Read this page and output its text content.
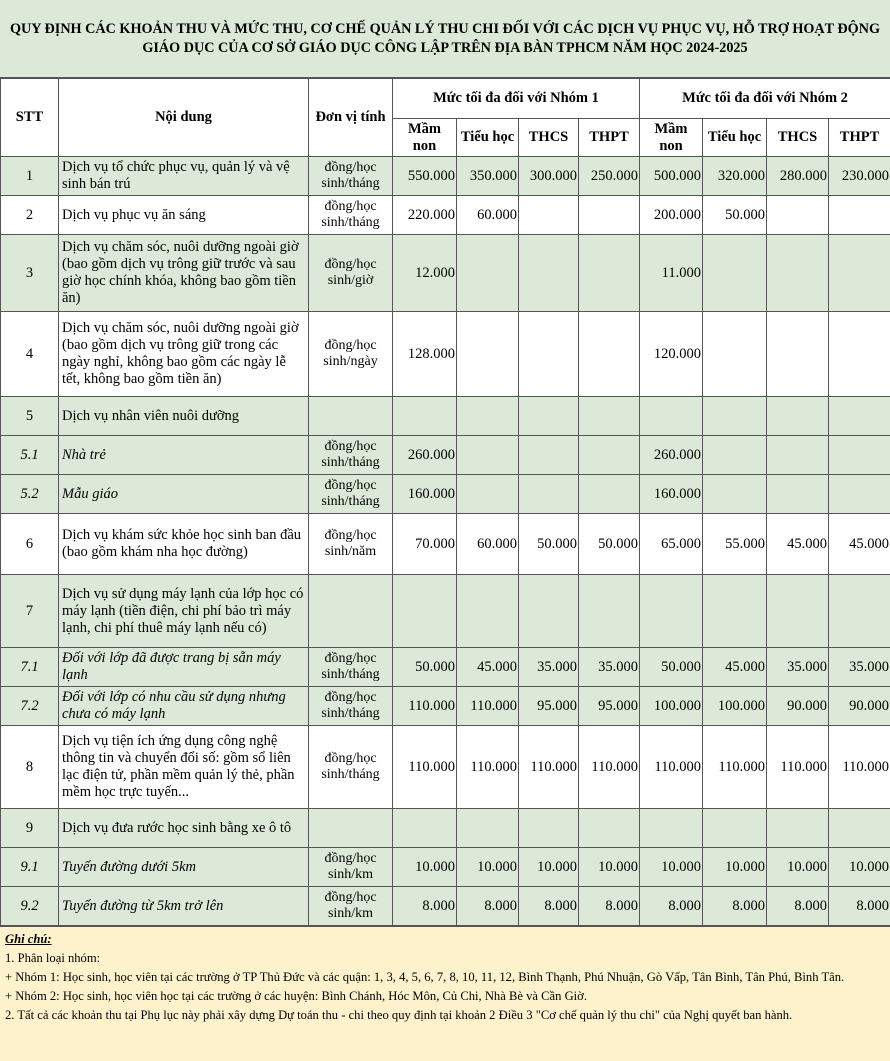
QUY ĐỊNH CÁC KHOẢN THU VÀ MỨC THU, CƠ CHẾ QUẢN LÝ THU CHI ĐỐI VỚI CÁC DỊCH VỤ PHỤC VỤ, HỖ TRỢ HOẠT ĐỘNG GIÁO DỤC CỦA CƠ SỞ GIÁO DỤC CÔNG LẬP TRÊN ĐỊA BÀN TPHCM NĂM HỌC 2024-2025
STT	Nội dung	Đơn vị tính	Mức tối đa đối với Nhóm 1				Mức tối đa đối với Nhóm 2			
			Mầm non	Tiểu học	THCS	THPT	Mầm non	Tiểu học	THCS	THPT
1	Dịch vụ tổ chức phục vụ, quản lý và vệ sinh bán trú	đồng/học sinh/tháng	550.000	350.000	300.000	250.000	500.000	320.000	280.000	230.000
2	Dịch vụ phục vụ ăn sáng	đồng/học sinh/tháng	220.000	60.000			200.000	50.000		
3	Dịch vụ chăm sóc, nuôi dưỡng ngoài giờ (bao gồm dịch vụ trông giữ trước và sau giờ học chính khóa, không bao gồm tiền ăn)	đồng/học sinh/giờ	12.000				11.000			
4	Dịch vụ chăm sóc, nuôi dưỡng ngoài giờ (bao gồm dịch vụ trông giữ trong các ngày nghỉ, không bao gồm các ngày lễ tết, không bao gồm tiền ăn)	đồng/học sinh/ngày	128.000				120.000			
5	Dịch vụ nhân viên nuôi dưỡng									
5.1	Nhà trẻ	đồng/học sinh/tháng	260.000				260.000			
5.2	Mẫu giáo	đồng/học sinh/tháng	160.000				160.000			
6	Dịch vụ khám sức khỏe học sinh ban đầu (bao gồm khám nha học đường)	đồng/học sinh/năm	70.000	60.000	50.000	50.000	65.000	55.000	45.000	45.000
7	Dịch vụ sử dụng máy lạnh của lớp học có máy lạnh (tiền điện, chi phí bảo trì máy lạnh, chi phí thuê máy lạnh nếu có)									
7.1	Đối với lớp đã được trang bị sẵn máy lạnh	đồng/học sinh/tháng	50.000	45.000	35.000	35.000	50.000	45.000	35.000	35.000
7.2	Đối với lớp có nhu cầu sử dụng nhưng chưa có máy lạnh	đồng/học sinh/tháng	110.000	110.000	95.000	95.000	100.000	100.000	90.000	90.000
8	Dịch vụ tiện ích ứng dụng công nghệ thông tin và chuyển đổi số: gồm sổ liên lạc điện tử, phần mềm quản lý thẻ, phần mềm học trực tuyến...	đồng/học sinh/tháng	110.000	110.000	110.000	110.000	110.000	110.000	110.000	110.000
9	Dịch vụ đưa rước học sinh bằng xe ô tô									
9.1	Tuyến đường dưới 5km	đồng/học sinh/km	10.000	10.000	10.000	10.000	10.000	10.000	10.000	10.000
9.2	Tuyến đường từ 5km trở lên	đồng/học sinh/km	8.000	8.000	8.000	8.000	8.000	8.000	8.000	8.000
Ghi chú:
1. Phân loại nhóm:
+ Nhóm 1: Học sinh, học viên tại các trường ở TP Thủ Đức và các quận: 1, 3, 4, 5, 6, 7, 8, 10, 11, 12, Bình Thạnh, Phú Nhuận, Gò Vấp, Tân Bình, Tân Phú, Bình Tân.
+ Nhóm 2: Học sinh, học viên học tại các trường ở các huyện: Bình Chánh, Hóc Môn, Củ Chi, Nhà Bè và Cần Giờ.
2. Tất cả các khoản thu tại Phụ lục này phải xây dựng Dự toán thu - chi theo quy định tại khoản 2 Điều 3 "Cơ chế quản lý thu chi" của Nghị quyết ban hành.
